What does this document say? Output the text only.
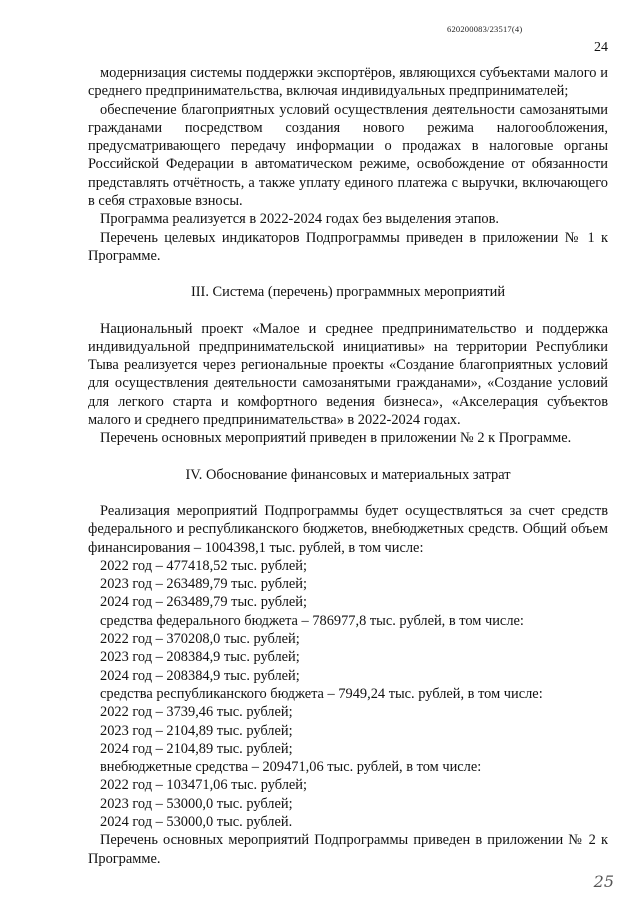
620200083/23517(4)
24

модернизация системы поддержки экспортёров, являющихся субъектами малого и среднего предпринимательства, включая индивидуальных предпринимателей;

обеспечение благоприятных условий осуществления деятельности самозанятыми гражданами посредством создания нового режима налогообложения, предусматривающего передачу информации о продажах в налоговые органы Российской Федерации в автоматическом режиме, освобождение от обязанности представлять отчётность, а также уплату единого платежа с выручки, включающего в себя страховые взносы.

Программа реализуется в 2022-2024 годах без выделения этапов.

Перечень целевых индикаторов Подпрограммы приведен в приложении № 1 к Программе.

III. Система (перечень) программных мероприятий

Национальный проект «Малое и среднее предпринимательство и поддержка индивидуальной предпринимательской инициативы» на территории Республики Тыва реализуется через региональные проекты «Создание благоприятных условий для осуществления деятельности самозанятыми гражданами», «Создание условий для легкого старта и комфортного ведения бизнеса», «Акселерация субъектов малого и среднего предпринимательства» в 2022-2024 годах.

Перечень основных мероприятий приведен в приложении № 2 к Программе.

IV. Обоснование финансовых и материальных затрат

Реализация мероприятий Подпрограммы будет осуществляться за счет средств федерального и республиканского бюджетов, внебюджетных средств. Общий объем финансирования – 1004398,1 тыс. рублей, в том числе:

2022 год – 477418,52 тыс. рублей;

2023 год – 263489,79 тыс. рублей;

2024 год – 263489,79 тыс. рублей;

средства федерального бюджета – 786977,8 тыс. рублей, в том числе:

2022 год – 370208,0 тыс. рублей;

2023 год – 208384,9 тыс. рублей;

2024 год – 208384,9 тыс. рублей;

средства республиканского бюджета – 7949,24 тыс. рублей, в том числе:

2022 год – 3739,46 тыс. рублей;

2023 год – 2104,89 тыс. рублей;

2024 год – 2104,89 тыс. рублей;

внебюджетные средства – 209471,06 тыс. рублей, в том числе:

2022 год – 103471,06 тыс. рублей;

2023 год – 53000,0 тыс. рублей;

2024 год – 53000,0 тыс. рублей.

Перечень основных мероприятий Подпрограммы приведен в приложении № 2 к Программе.

25
